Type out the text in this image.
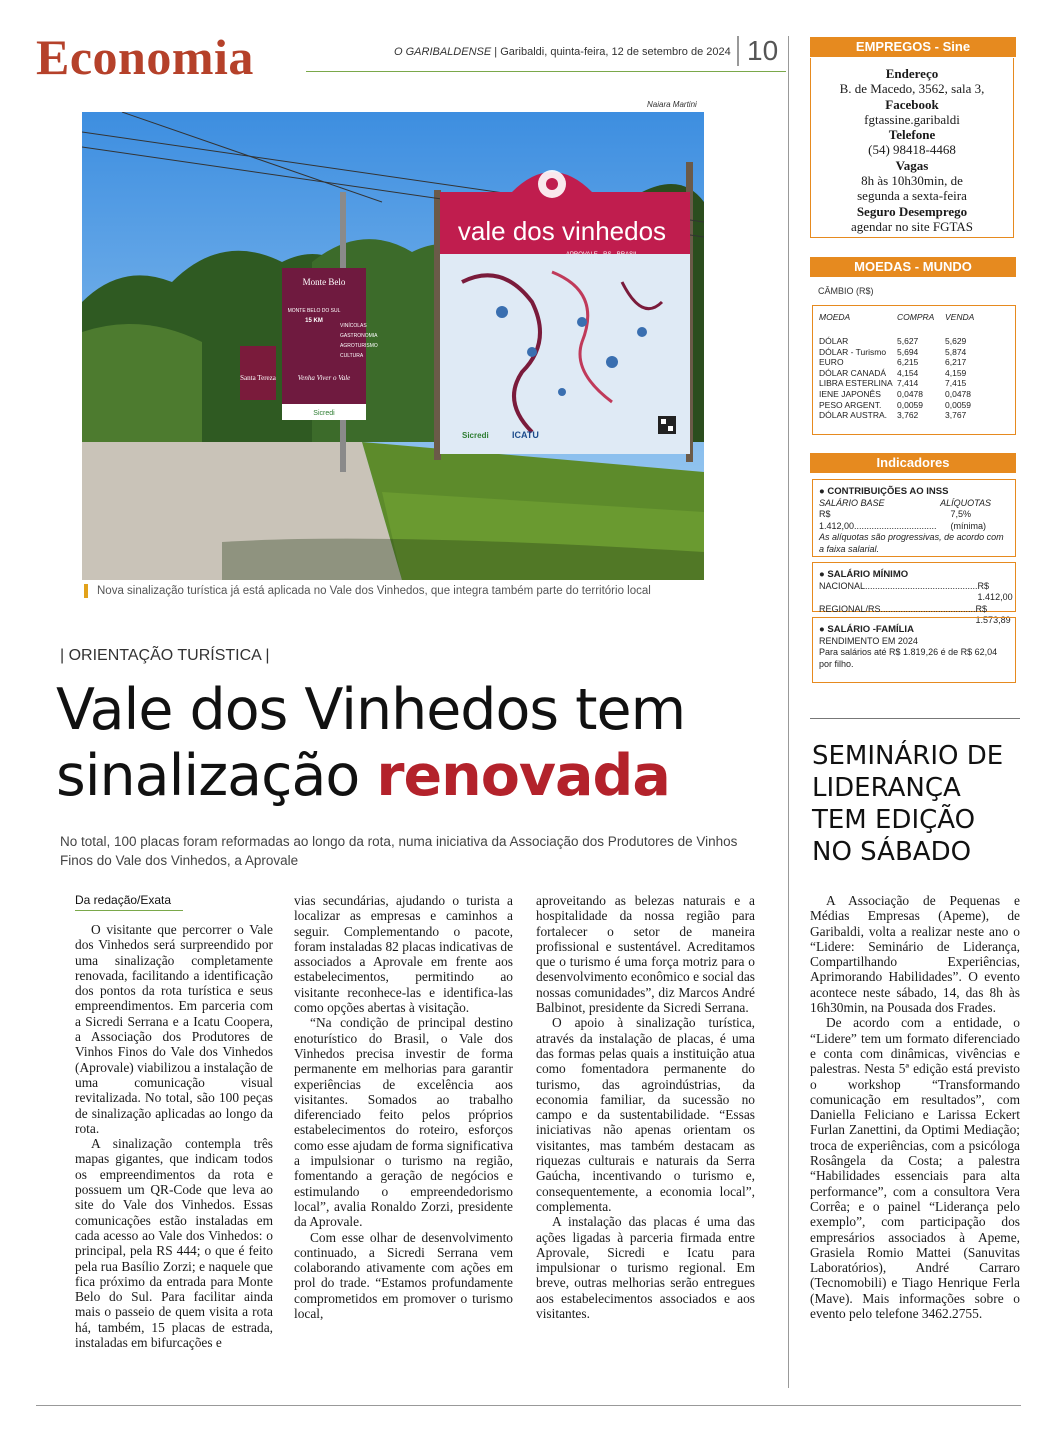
Economia	O GARIBALDENSE | Garibaldi, quinta-feira, 12 de setembro de 2024 10
Naiara Martini
Santa Tereza
Monte Belo
MONTE BELO DO SUL
15 KM
VINÍCOLAS
GASTRONOMIA
AGROTURISMO
CULTURA
Venha Viver o Vale
Sicredi
vale dos vinhedos
Sicredi	ICATU
Nova sinalização turística já está aplicada no Vale dos Vinhedos, que integra também parte do território local
| ORIENTAÇÃO TURÍSTICA |
Vale dos Vinhedos tem
sinalização renovada
No total, 100 placas foram reformadas ao longo da rota, numa iniciativa da Associação dos Produtores de Vinhos Finos do Vale dos Vinhedos, a Aprovale
Da redação/Exata

O visitante que percorrer o Vale dos Vinhedos será surpreendido por uma sinalização completamente renovada, facilitando a identificação dos pontos da rota turística e seus empreendimentos. Em parceria com a Sicredi Serrana e a Icatu Coopera, a Associação dos Produtores de Vinhos Finos do Vale dos Vinhedos (Aprovale) viabilizou a instalação de uma comunicação visual revitalizada. No total, são 100 peças de sinalização aplicadas ao longo da rota.

A sinalização contempla três mapas gigantes, que indicam todos os empreendimentos da rota e possuem um QR-Code que leva ao site do Vale dos Vinhedos. Essas comunicações estão instaladas em cada acesso ao Vale dos Vinhedos: o principal, pela RS 444; o que é feito pela rua Basílio Zorzi; e naquele que fica próximo da entrada para Monte Belo do Sul. Para facilitar ainda mais o passeio de quem visita a rota há, também, 15 placas de estrada, instaladas em bifurcações e

vias secundárias, ajudando o turista a localizar as empresas e caminhos a seguir. Complementando o pacote, foram instaladas 82 placas indicativas de associados a Aprovale em frente aos estabelecimentos, permitindo ao visitante reconhece-las e identifica-las como opções abertas à visitação.

“Na condição de principal destino enoturístico do Brasil, o Vale dos Vinhedos precisa investir de forma permanente em melhorias para garantir experiências de excelência aos visitantes. Somados ao trabalho diferenciado feito pelos próprios estabelecimentos do roteiro, esforços como esse ajudam de forma significativa a impulsionar o turismo na região, fomentando a geração de negócios e estimulando o empreendedorismo local”, avalia Ronaldo Zorzi, presidente da Aprovale.

Com esse olhar de desenvolvimento continuado, a Sicredi Serrana vem colaborando ativamente com ações em prol do trade. “Estamos profundamente comprometidos em promover o turismo local,

aproveitando as belezas naturais e a hospitalidade da nossa região para fortalecer o setor de maneira profissional e sustentável. Acreditamos que o turismo é uma força motriz para o desenvolvimento econômico e social das nossas comunidades”, diz Marcos André Balbinot, presidente da Sicredi Serrana.

O apoio à sinalização turística, através da instalação de placas, é uma das formas pelas quais a instituição atua como fomentadora permanente do turismo, das agroindústrias, da economia familiar, da sucessão no campo e da sustentabilidade. “Essas iniciativas não apenas orientam os visitantes, mas também destacam as riquezas culturais e naturais da Serra Gaúcha, incentivando o turismo e, consequentemente, a economia local”, complementa.

A instalação das placas é uma das ações ligadas à parceria firmada entre Aprovale, Sicredi e Icatu para impulsionar o turismo regional. Em breve, outras melhorias serão entregues aos estabelecimentos associados e aos visitantes.

EMPREGOS - Sine
Endereço
B. de Macedo, 3562, sala 3,
Facebook
fgtassine.garibaldi
Telefone
(54) 98418-4468
Vagas
8h às 10h30min, de
segunda a sexta-feira
Seguro Desemprego
agendar no site FGTAS
MOEDAS - MUNDO
CÂMBIO (R$)
MOEDA	COMPRA	VENDA
DÓLAR	5,627	5,629
DÓLAR - Turismo	5,694	5,874
EURO	6,215	6,217
DÓLAR CANADÁ	4,154	4,159
LIBRA ESTERLINA	7,414	7,415
IENE JAPONÊS	0,0478	0,0478
PESO ARGENT.	0,0059	0,0059
DÓLAR AUSTRA.	3,762	3,767
Indicadores
● CONTRIBUIÇÕES AO INSS
SALÁRIO BASE	ALÍQUOTAS
R$ 1.412,00.................................
7,5% (mínima)
As alíquotas são progressivas, de acordo com a faixa salarial.
● SALÁRIO MÍNIMO
NACIONAL............................................. R$ 1.412,00
REGIONAL/RS...................................... R$ 1.573,89
● SALÁRIO -FAMÍLIA
RENDIMENTO EM 2024
Para salários até R$ 1.819,26 é de R$ 62,04 por filho.
SEMINÁRIO DE LIDERANÇA TEM EDIÇÃO NO SÁBADO

A Associação de Pequenas e Médias Empresas (Apeme), de Garibaldi, volta a realizar neste ano o “Lidere: Seminário de Liderança, Compartilhando Experiências, Aprimorando Habilidades”. O evento acontece neste sábado, 14, das 8h às 16h30min, na Pousada dos Frades.

De acordo com a entidade, o “Lidere” tem um formato diferenciado e conta com dinâmicas, vivências e palestras. Nesta 5ª edição está previsto o workshop “Transformando comunicação em resultados”, com Daniella Feliciano e Larissa Eckert Furlan Zanettini, da Optimi Mediação; troca de experiências, com a psicóloga Rosângela da Costa; a palestra “Habilidades essenciais para alta performance”, com a consultora Vera Corrêa; e o painel “Liderança pelo exemplo”, com participação dos empresários associados à Apeme, Grasiela Romio Mattei (Sanuvitas Laboratórios), André Carraro (Tecnomobili) e Tiago Henrique Ferla (Mave). Mais informações sobre o evento pelo telefone 3462.2755.
